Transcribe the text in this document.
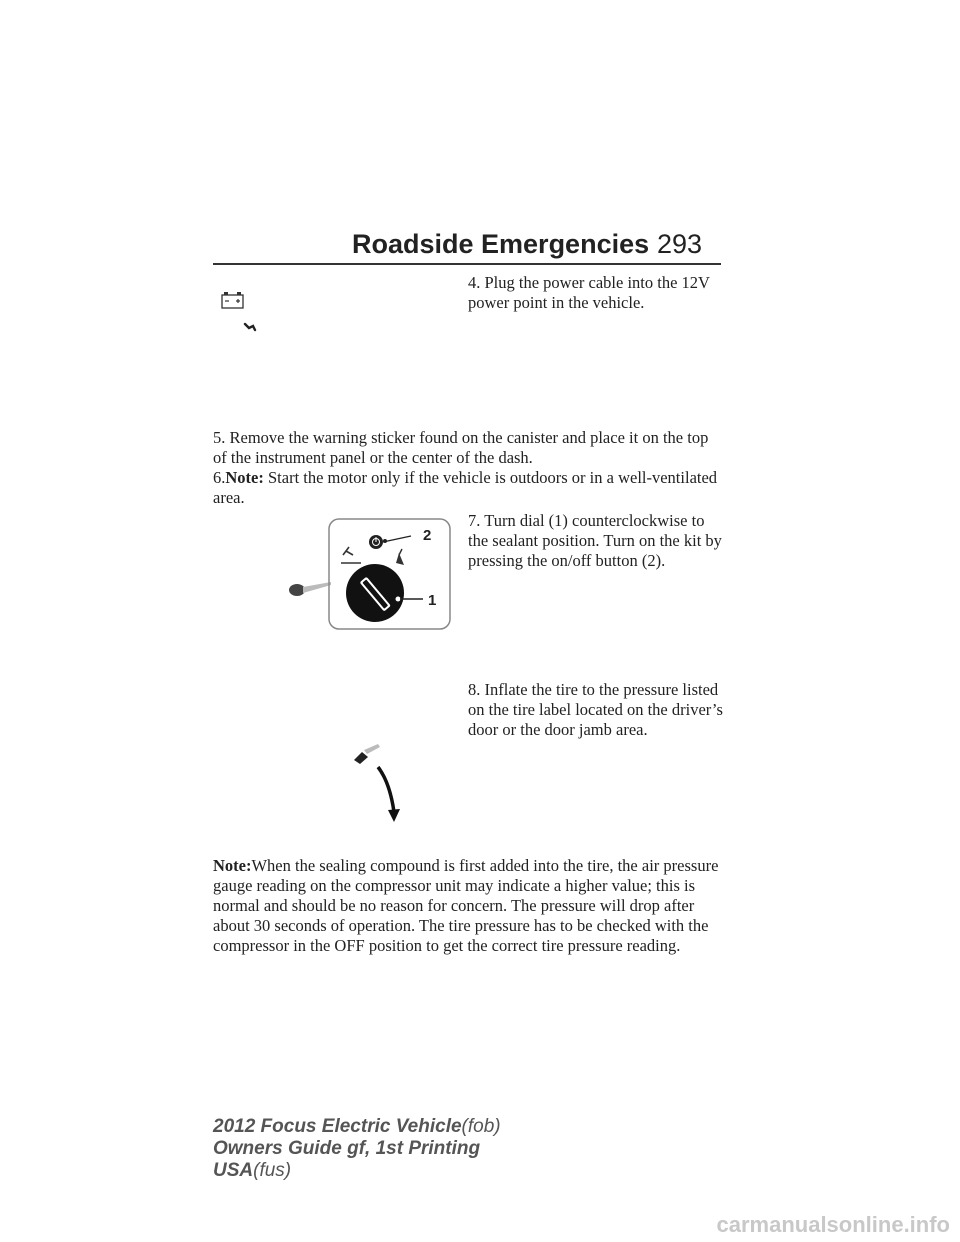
Roadside Emergencies 293
4. Plug the power cable into the 12V power point in the vehicle.
5. Remove the warning sticker found on the canister and place it on the top of the instrument panel or the center of the dash.
6.Note: Start the motor only if the vehicle is outdoors or in a well-ventilated area.
7. Turn dial (1) counterclockwise to the sealant position. Turn on the kit by pressing the on/off button (2).
2
1
8. Inflate the tire to the pressure listed on the tire label located on the driver’s door or the door jamb area.
Note:When the sealing compound is first added into the tire, the air pressure gauge reading on the compressor unit may indicate a higher value; this is normal and should be no reason for concern. The pressure will drop after about 30 seconds of operation. The tire pressure has to be checked with the compressor in the OFF position to get the correct tire pressure reading.
2012 Focus Electric Vehicle(fob)
Owners Guide gf, 1st Printing
USA(fus)
carmanualsonline.info
